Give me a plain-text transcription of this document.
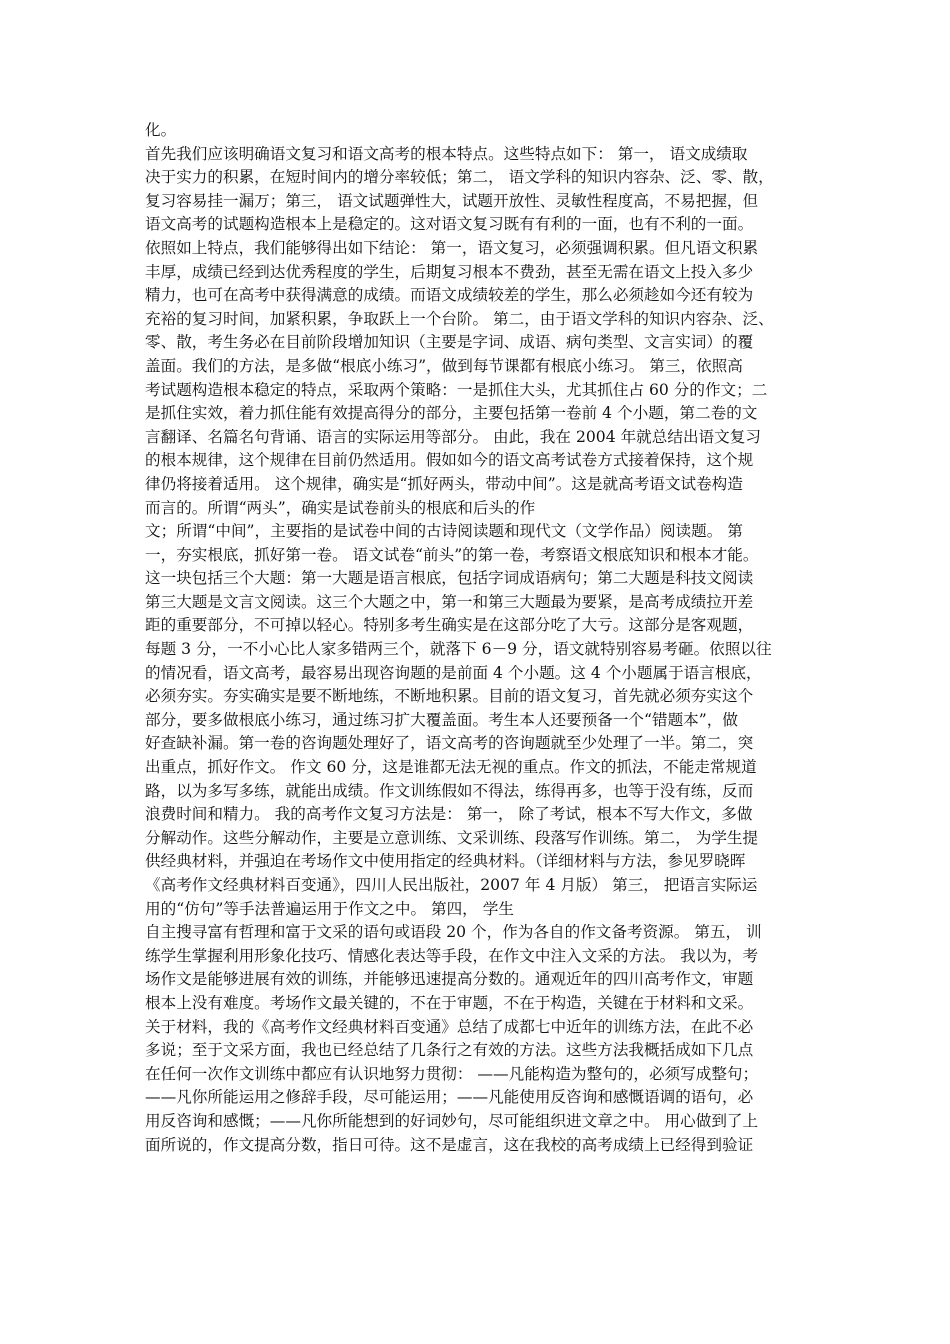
化。
首先我们应该明确语文复习和语文高考的根本特点。这些特点如下： 第一， 语文成绩取
决于实力的积累，在短时间内的增分率较低；第二， 语文学科的知识内容杂、泛、零、散，
复习容易挂一漏万；第三， 语文试题弹性大，试题开放性、灵敏性程度高，不易把握，但
语文高考的试题构造根本上是稳定的。这对语文复习既有有利的一面，也有不利的一面。
依照如上特点，我们能够得出如下结论： 第一，语文复习，必须强调积累。但凡语文积累
丰厚，成绩已经到达优秀程度的学生，后期复习根本不费劲，甚至无需在语文上投入多少
精力，也可在高考中获得满意的成绩。而语文成绩较差的学生，那么必须趁如今还有较为
充裕的复习时间，加紧积累，争取跃上一个台阶。 第二，由于语文学科的知识内容杂、泛、
零、散，考生务必在目前阶段增加知识（主要是字词、成语、病句类型、文言实词）的覆
盖面。我们的方法，是多做“根底小练习”，做到每节课都有根底小练习。 第三，依照高
考试题构造根本稳定的特点，采取两个策略：一是抓住大头，尤其抓住占 60 分的作文；二
是抓住实效，着力抓住能有效提高得分的部分，主要包括第一卷前 4 个小题，第二卷的文
言翻译、名篇名句背诵、语言的实际运用等部分。 由此，我在 2004 年就总结出语文复习
的根本规律，这个规律在目前仍然适用。假如如今的语文高考试卷方式接着保持，这个规
律仍将接着适用。 这个规律，确实是“抓好两头，带动中间”。这是就高考语文试卷构造
而言的。所谓“两头”，确实是试卷前头的根底和后头的作
文；所谓“中间”，主要指的是试卷中间的古诗阅读题和现代文（文学作品）阅读题。 第
一，夯实根底，抓好第一卷。 语文试卷“前头”的第一卷，考察语文根底知识和根本才能。
这一块包括三个大题：第一大题是语言根底，包括字词成语病句；第二大题是科技文阅读
第三大题是文言文阅读。这三个大题之中，第一和第三大题最为要紧，是高考成绩拉开差
距的重要部分，不可掉以轻心。特别多考生确实是在这部分吃了大亏。这部分是客观题，
每题 3 分，一不小心比人家多错两三个，就落下 6－9 分，语文就特别容易考砸。依照以往
的情况看，语文高考，最容易出现咨询题的是前面 4 个小题。这 4 个小题属于语言根底，
必须夯实。夯实确实是要不断地练，不断地积累。目前的语文复习，首先就必须夯实这个
部分，要多做根底小练习，通过练习扩大覆盖面。考生本人还要预备一个“错题本”，做
好查缺补漏。第一卷的咨询题处理好了，语文高考的咨询题就至少处理了一半。第二，突
出重点，抓好作文。 作文 60 分，这是谁都无法无视的重点。作文的抓法，不能走常规道
路，以为多写多练，就能出成绩。作文训练假如不得法，练得再多，也等于没有练，反而
浪费时间和精力。 我的高考作文复习方法是： 第一， 除了考试，根本不写大作文，多做
分解动作。这些分解动作，主要是立意训练、文采训练、段落写作训练。第二， 为学生提
供经典材料，并强迫在考场作文中使用指定的经典材料。（详细材料与方法，参见罗晓晖
《高考作文经典材料百变通》，四川人民出版社，2007 年 4 月版） 第三， 把语言实际运
用的“仿句”等手法普遍运用于作文之中。 第四， 学生
自主搜寻富有哲理和富于文采的语句或语段 20 个，作为各自的作文备考资源。 第五， 训
练学生掌握利用形象化技巧、情感化表达等手段，在作文中注入文采的方法。 我以为，考
场作文是能够进展有效的训练，并能够迅速提高分数的。通观近年的四川高考作文，审题
根本上没有难度。考场作文最关键的，不在于审题，不在于构造，关键在于材料和文采。
关于材料，我的《高考作文经典材料百变通》总结了成都七中近年的训练方法，在此不必
多说；至于文采方面，我也已经总结了几条行之有效的方法。这些方法我概括成如下几点
在任何一次作文训练中都应有认识地努力贯彻： ——凡能构造为整句的，必须写成整句；
——凡你所能运用之修辞手段，尽可能运用；——凡能使用反咨询和感慨语调的语句，必
用反咨询和感慨；——凡你所能想到的好词妙句，尽可能组织进文章之中。 用心做到了上
面所说的，作文提高分数，指日可待。这不是虚言，这在我校的高考成绩上已经得到验证
